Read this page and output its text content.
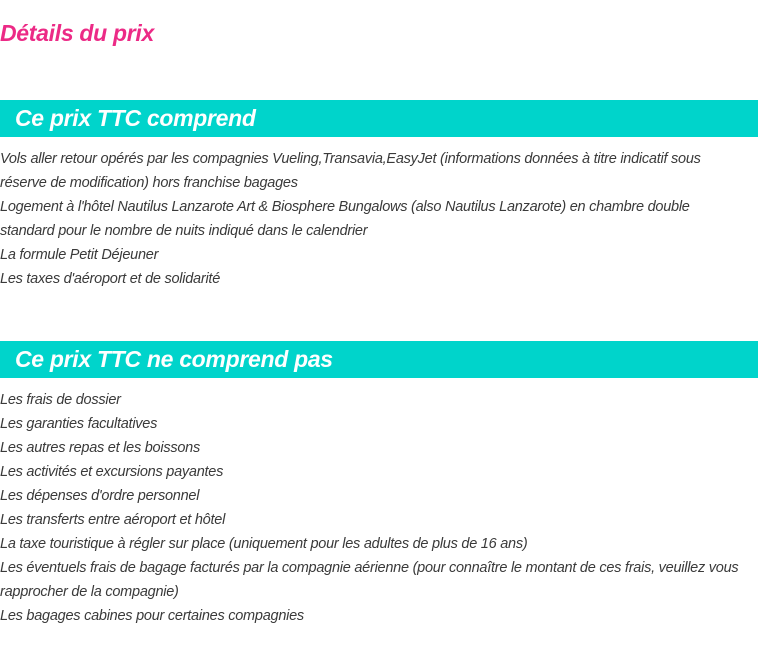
Détails du prix
Ce prix TTC comprend
Vols aller retour opérés par les compagnies Vueling,Transavia,EasyJet (informations données à titre indicatif sous réserve de modification) hors franchise bagages
Logement à l'hôtel Nautilus Lanzarote Art & Biosphere Bungalows (also Nautilus Lanzarote) en chambre double standard pour le nombre de nuits indiqué dans le calendrier
La formule Petit Déjeuner
Les taxes d'aéroport et de solidarité
Ce prix TTC ne comprend pas
Les frais de dossier
Les garanties facultatives
Les autres repas et les boissons
Les activités et excursions payantes
Les dépenses d'ordre personnel
Les transferts entre aéroport et hôtel
La taxe touristique à régler sur place (uniquement pour les adultes de plus de 16 ans)
Les éventuels frais de bagage facturés par la compagnie aérienne (pour connaître le montant de ces frais, veuillez vous rapprocher de la compagnie)
Les bagages cabines pour certaines compagnies
